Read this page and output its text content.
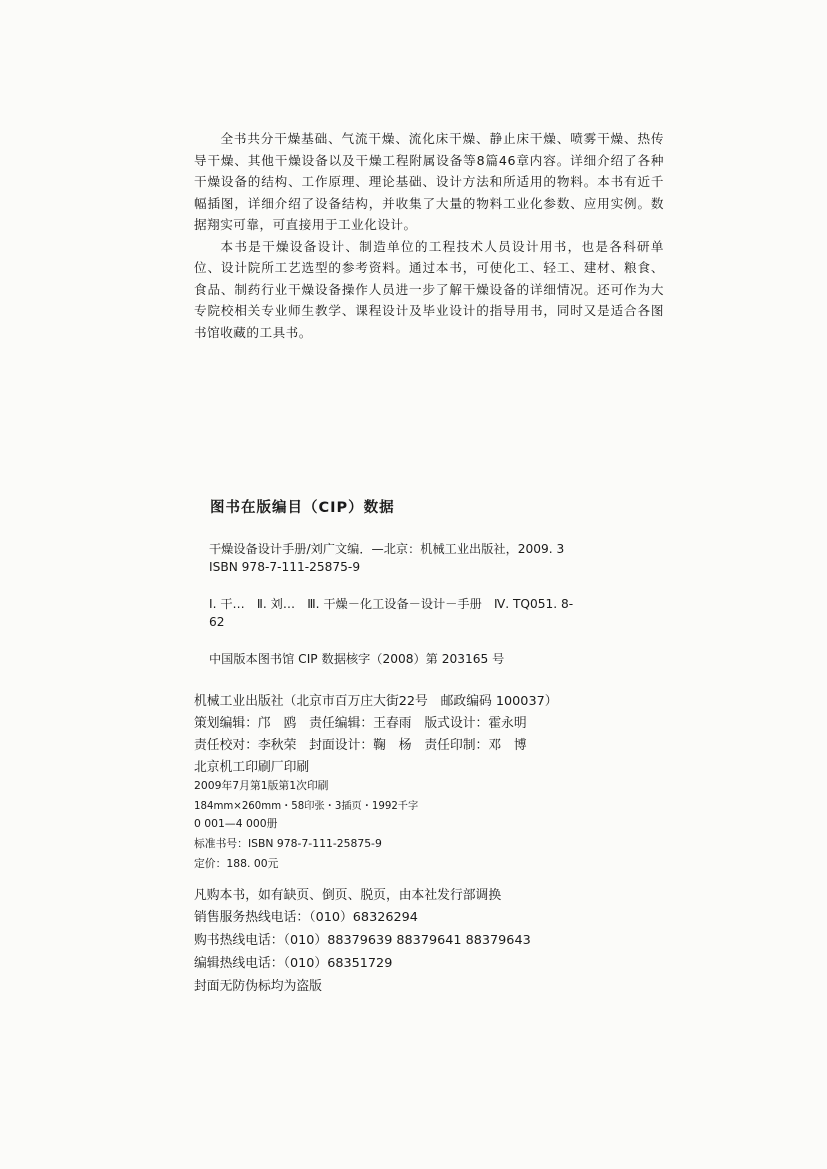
全书共分干燥基础、气流干燥、流化床干燥、静止床干燥、喷雾干燥、热传导干燥、其他干燥设备以及干燥工程附属设备等8篇46章内容。详细介绍了各种干燥设备的结构、工作原理、理论基础、设计方法和所适用的物料。本书有近千幅插图，详细介绍了设备结构，并收集了大量的物料工业化参数、应用实例。数据翔实可靠，可直接用于工业化设计。

本书是干燥设备设计、制造单位的工程技术人员设计用书，也是各科研单位、设计院所工艺选型的参考资料。通过本书，可使化工、轻工、建材、粮食、食品、制药行业干燥设备操作人员进一步了解干燥设备的详细情况。还可作为大专院校相关专业师生教学、课程设计及毕业设计的指导用书，同时又是适合各图书馆收藏的工具书。

图书在版编目（CIP）数据
干燥设备设计手册/刘广文编．—北京：机械工业出版社，2009. 3
ISBN 978-7-111-25875-9
Ⅰ. 干…　Ⅱ. 刘…　Ⅲ. 干燥－化工设备－设计－手册　Ⅳ. TQ051. 8-
62
中国版本图书馆 CIP 数据核字（2008）第 203165 号
机械工业出版社（北京市百万庄大街22号　邮政编码 100037）
策划编辑：邝　鸥　责任编辑：王春雨　版式设计：霍永明
责任校对：李秋荣　封面设计：鞠　杨　责任印制：邓　博
北京机工印刷厂印刷
2009年7月第1版第1次印刷
184mm×260mm・58印张・3插页・1992千字
0 001—4 000册
标准书号：ISBN 978-7-111-25875-9
定价：188. 00元
凡购本书，如有缺页、倒页、脱页，由本社发行部调换
销售服务热线电话：（010）68326294
购书热线电话：（010）88379639 88379641 88379643
编辑热线电话：（010）68351729
封面无防伪标均为盗版
